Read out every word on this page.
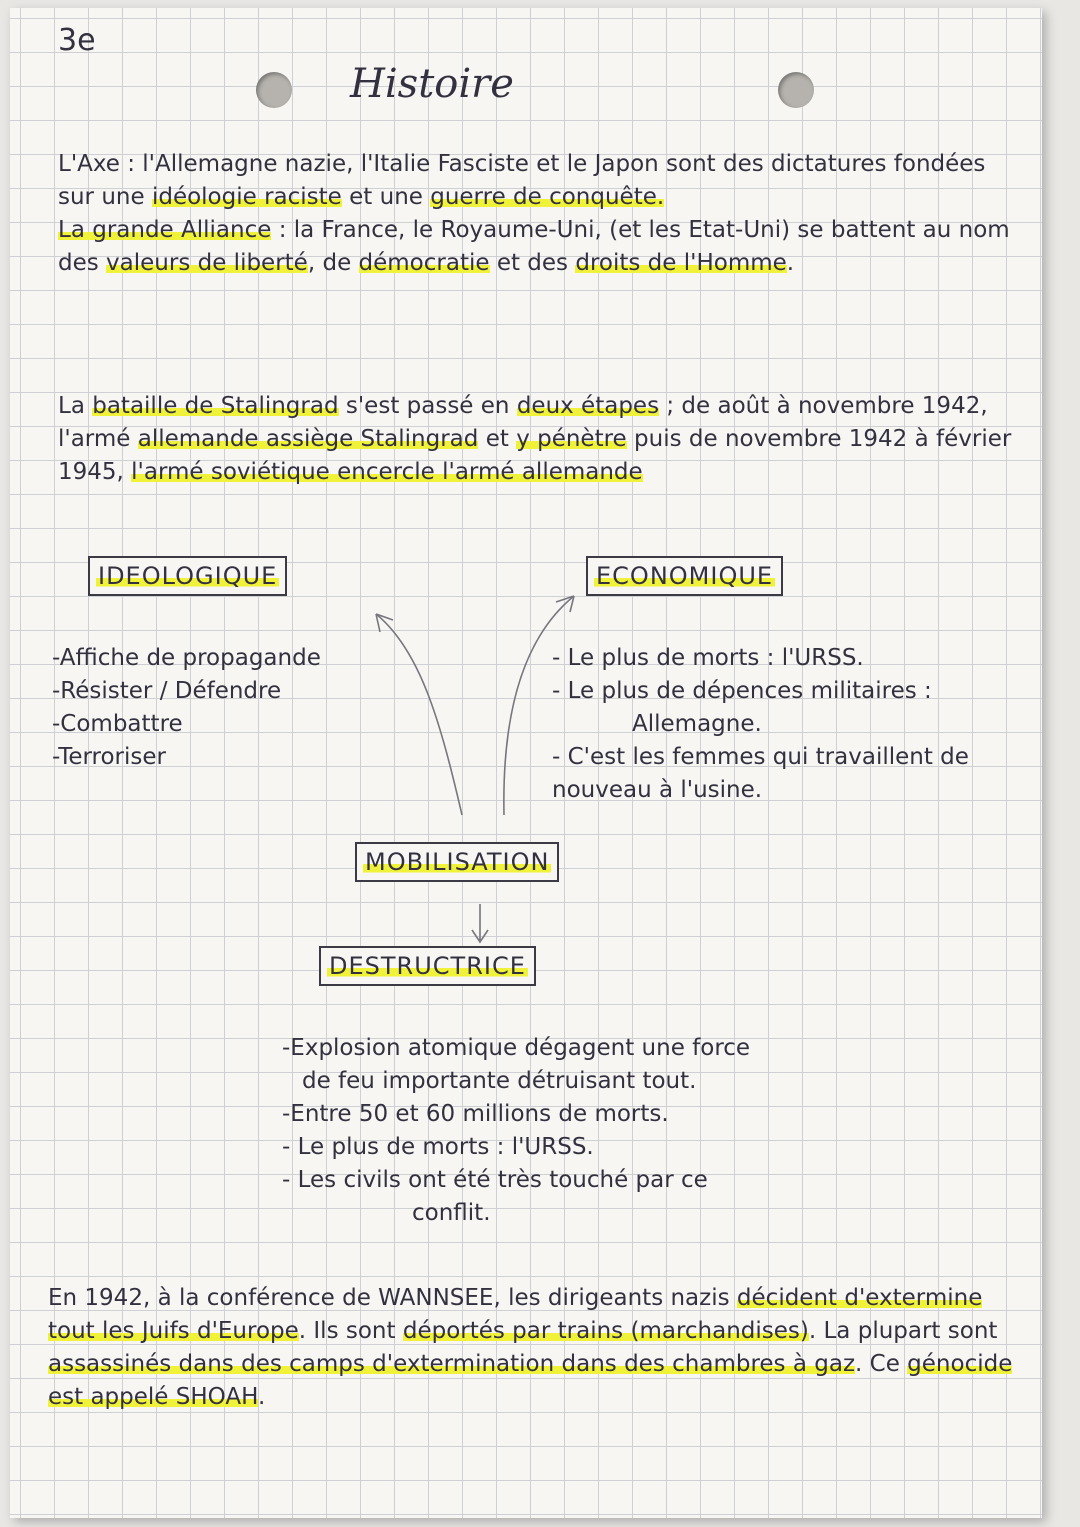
3e
Histoire

L'Axe : l'Allemagne nazie, l'Italie Fasciste et le Japon sont des dictatures fondées sur une idéologie raciste et une guerre de conquête.

La grande Alliance : la France, le Royaume-Uni, (et les Etat-Uni) se battent au nom des valeurs de liberté, de démocratie et des droits de l'Homme.

La bataille de Stalingrad s'est passé en deux étapes ; de août à novembre 1942, l'armé allemande assiège Stalingrad et y pénètre puis de novembre 1942 à février 1945, l'armé soviétique encercle l'armé allemande

IDEOLOGIQUE	ECONOMIQUE
MOBILISATION
DESTRUCTRICE
-Affiche de propagande
-Résister / Défendre
-Combattre
-Terroriser
- Le plus de morts : l'URSS.
- Le plus de dépences militaires :
Allemagne.
- C'est les femmes qui travaillent de nouveau à l'usine.
-Explosion atomique dégagent une force
de feu importante détruisant tout.
-Entre 50 et 60 millions de morts.
- Le plus de morts : l'URSS.
- Les civils ont été très touché par ce
conflit.

En 1942, à la conférence de WANNSEE, les dirigeants nazis décident d'extermine tout les Juifs d'Europe. Ils sont déportés par trains (marchandises). La plupart sont assassinés dans des camps d'extermination dans des chambres à gaz. Ce génocide est appelé SHOAH.
